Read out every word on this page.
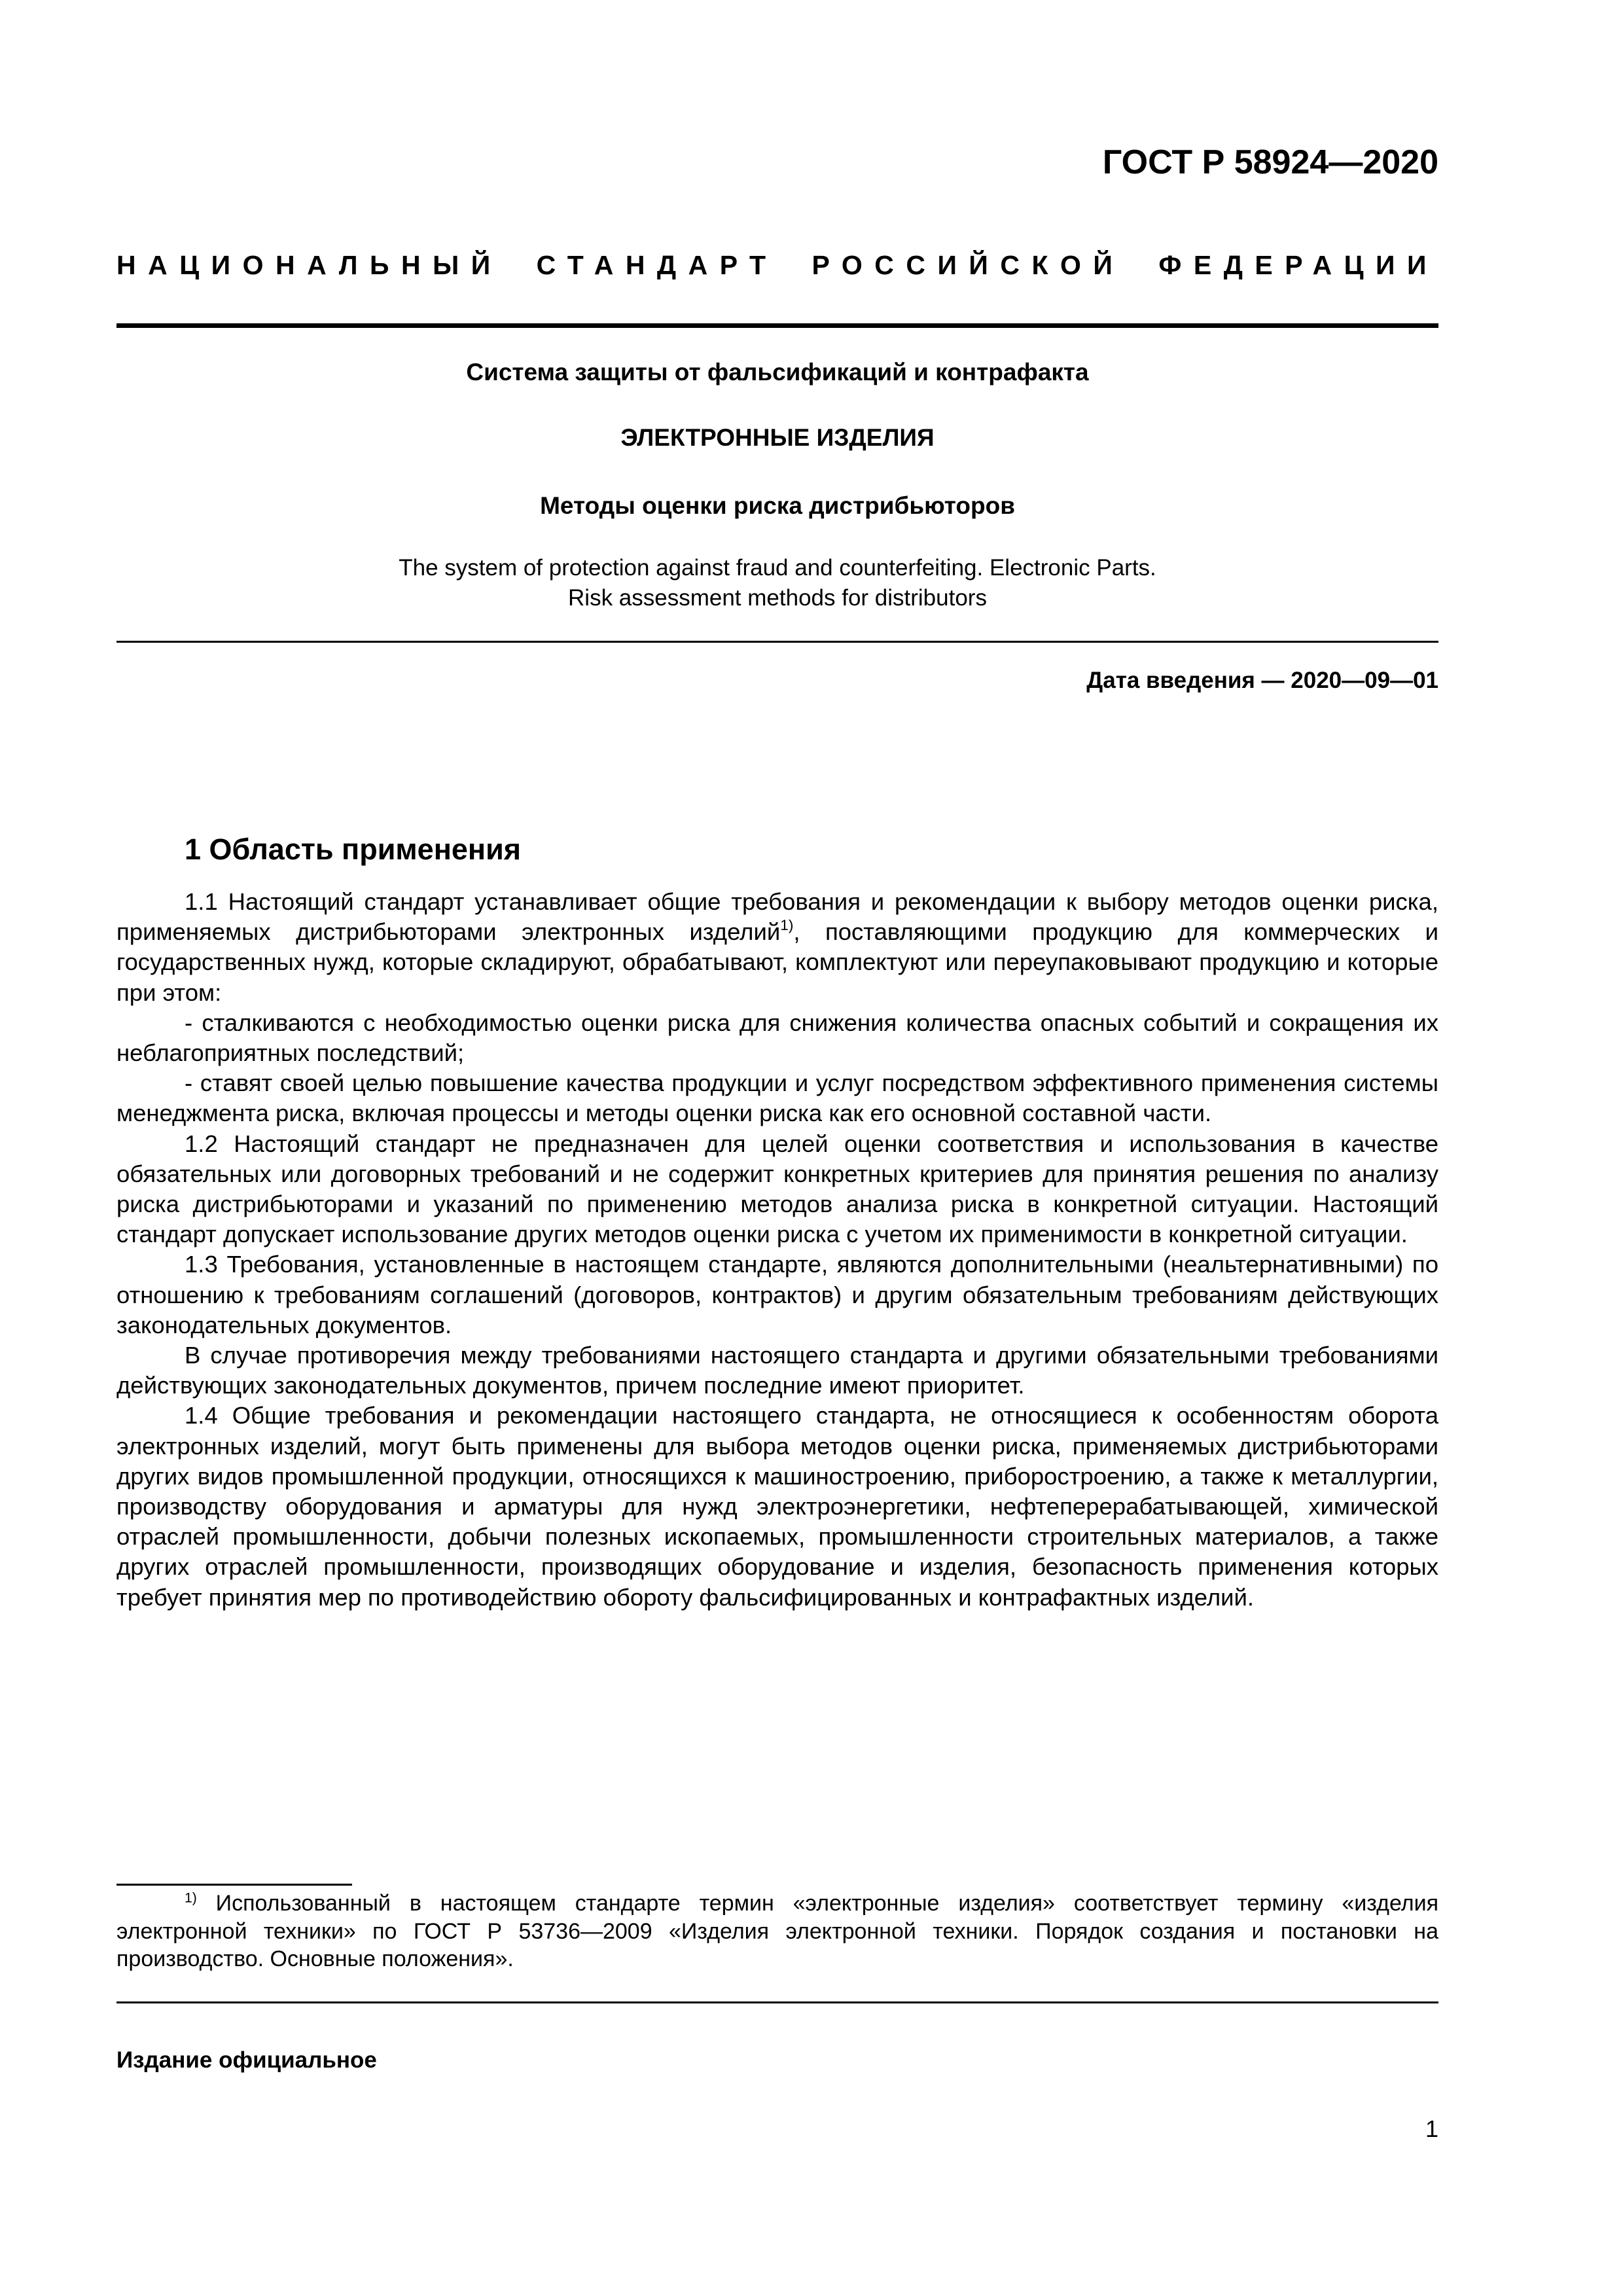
ГОСТ Р 58924—2020
НАЦИОНАЛЬНЫЙ СТАНДАРТ РОССИЙСКОЙ ФЕДЕРАЦИИ
Система защиты от фальсификаций и контрафакта
ЭЛЕКТРОННЫЕ ИЗДЕЛИЯ
Методы оценки риска дистрибьюторов
The system of protection against fraud and counterfeiting. Electronic Parts.
Risk assessment methods for distributors
Дата введения — 2020—09—01
1 Область применения

1.1 Настоящий стандарт устанавливает общие требования и рекомендации к выбору методов оценки риска, применяемых дистрибьюторами электронных изделий$^{1)}$, поставляющими продукцию для коммерческих и государственных нужд, которые складируют, обрабатывают, комплектуют или переупаковывают продукцию и которые при этом:

- сталкиваются с необходимостью оценки риска для снижения количества опасных событий и сокращения их неблагоприятных последствий;

- ставят своей целью повышение качества продукции и услуг посредством эффективного применения системы менеджмента риска, включая процессы и методы оценки риска как его основной составной части.

1.2 Настоящий стандарт не предназначен для целей оценки соответствия и использования в качестве обязательных или договорных требований и не содержит конкретных критериев для принятия решения по анализу риска дистрибьюторами и указаний по применению методов анализа риска в конкретной ситуации. Настоящий стандарт допускает использование других методов оценки риска с учетом их применимости в конкретной ситуации.

1.3 Требования, установленные в настоящем стандарте, являются дополнительными (неальтернативными) по отношению к требованиям соглашений (договоров, контрактов) и другим обязательным требованиям действующих законодательных документов.

В случае противоречия между требованиями настоящего стандарта и другими обязательными требованиями действующих законодательных документов, причем последние имеют приоритет.

1.4 Общие требования и рекомендации настоящего стандарта, не относящиеся к особенностям оборота электронных изделий, могут быть применены для выбора методов оценки риска, применяемых дистрибьюторами других видов промышленной продукции, относящихся к машиностроению, приборостроению, а также к металлургии, производству оборудования и арматуры для нужд электроэнергетики, нефтеперерабатывающей, химической отраслей промышленности, добычи полезных ископаемых, промышленности строительных материалов, а также других отраслей промышленности, производящих оборудование и изделия, безопасность применения которых требует принятия мер по противодействию обороту фальсифицированных и контрафактных изделий.

$^{1)}$ Использованный в настоящем стандарте термин «электронные изделия» соответствует термину «изделия электронной техники» по ГОСТ Р 53736—2009 «Изделия электронной техники. Порядок создания и постановки на производство. Основные положения».
Издание официальное
1
